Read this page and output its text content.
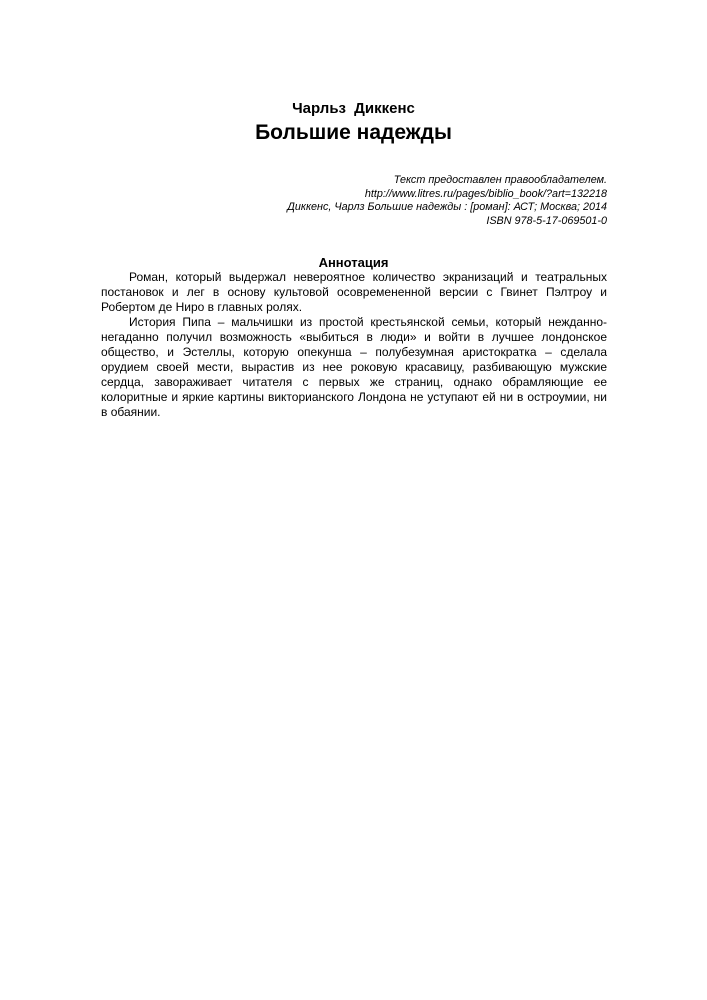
Чарльз Диккенс
Большие надежды
Текст предоставлен правообладателем.
http://www.litres.ru/pages/biblio_book/?art=132218
Диккенс, Чарлз Большие надежды : [роман]: АСТ; Москва; 2014
ISBN 978-5-17-069501-0
Аннотация

Роман, который выдержал невероятное количество экранизаций и театральных постановок и лег в основу культовой осовремененной версии с Гвинет Пэлтроу и Робертом де Ниро в главных ролях.

История Пипа – мальчишки из простой крестьянской семьи, который нежданно-негаданно получил возможность «выбиться в люди» и войти в лучшее лондонское общество, и Эстеллы, которую опекунша – полубезумная аристократка – сделала орудием своей мести, вырастив из нее роковую красавицу, разбивающую мужские сердца, завораживает читателя с первых же страниц, однако обрамляющие ее колоритные и яркие картины викторианского Лондона не уступают ей ни в остроумии, ни в обаянии.
